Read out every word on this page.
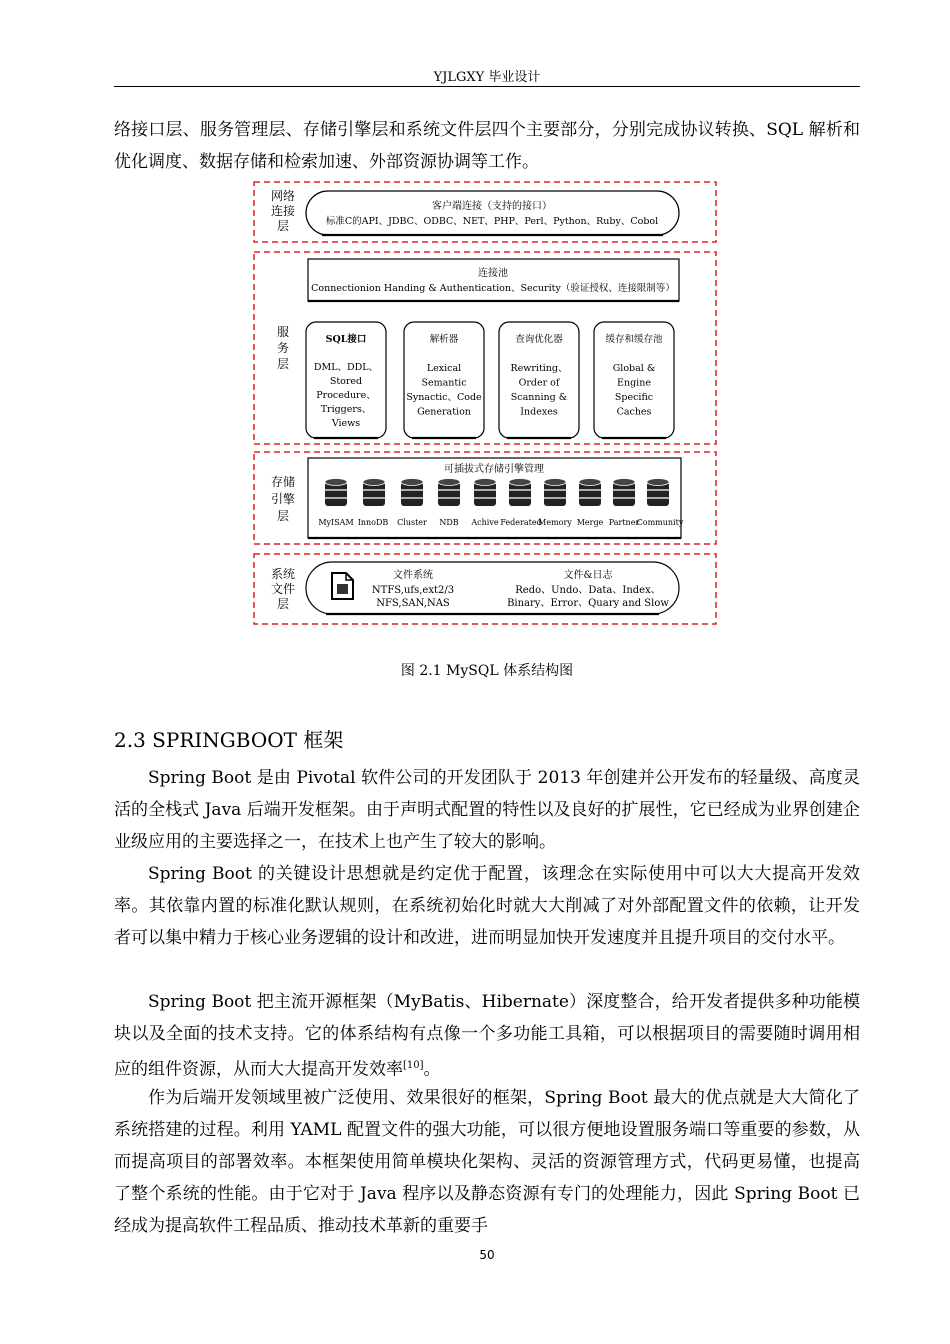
YJLGXY 毕业设计

络接口层、服务管理层、存储引擎层和系统文件层四个主要部分，分别完成协议转换、SQL 解析和优化调度、数据存储和检索加速、外部资源协调等工作。

网络
连接
层
客户端连接（支持的接口）
标准C的API、JDBC、ODBC、NET、PHP、Perl、Python、Ruby、Cobol
服
务
层
连接池
Connectionion Handing & Authentication、Security（验证授权、连接限制等）
SQL接口
DML、DDL、
Stored
Procedure、
Triggers、
Views
解析器
Lexical
Semantic
Synactic、Code
Generation
查询优化器
Rewriting、
Order of
Scanning &
Indexes
缓存和缓存池
Global &
Engine
Specific
Caches
存储
引擎
层
可插拔式存储引擎管理
MyISAM InnoDB Cluster NDB Achive Federated
Memory Merge Partner
Community
系统
文件
层
文件系统
NTFS,ufs,ext2/3
NFS,SAN,NAS
文件&日志
Redo、Undo、Data、Index、
Binary、Error、Quary and Slow
图 2.1 MySQL 体系结构图
2.3 SPRINGBOOT 框架

Spring Boot 是由 Pivotal 软件公司的开发团队于 2013 年创建并公开发布的轻量级、高度灵活的全栈式 Java 后端开发框架。由于声明式配置的特性以及良好的扩展性，它已经成为业界创建企业级应用的主要选择之一，在技术上也产生了较大的影响。

Spring Boot 的关键设计思想就是约定优于配置，该理念在实际使用中可以大大提高开发效率。其依靠内置的标准化默认规则，在系统初始化时就大大削减了对外部配置文件的依赖，让开发者可以集中精力于核心业务逻辑的设计和改进，进而明显加快开发速度并且提升项目的交付水平。

Spring Boot 把主流开源框架（MyBatis、Hibernate）深度整合，给开发者提供多种功能模块以及全面的技术支持。它的体系结构有点像一个多功能工具箱，可以根据项目的需要随时调用相应的组件资源，从而大大提高开发效率[10]。

作为后端开发领域里被广泛使用、效果很好的框架，Spring Boot 最大的优点就是大大简化了系统搭建的过程。利用 YAML 配置文件的强大功能，可以很方便地设置服务端口等重要的参数，从而提高项目的部署效率。本框架使用简单模块化架构、灵活的资源管理方式，代码更易懂，也提高了整个系统的性能。由于它对于 Java 程序以及静态资源有专门的处理能力，因此 Spring Boot 已经成为提高软件工程品质、推动技术革新的重要手

50
